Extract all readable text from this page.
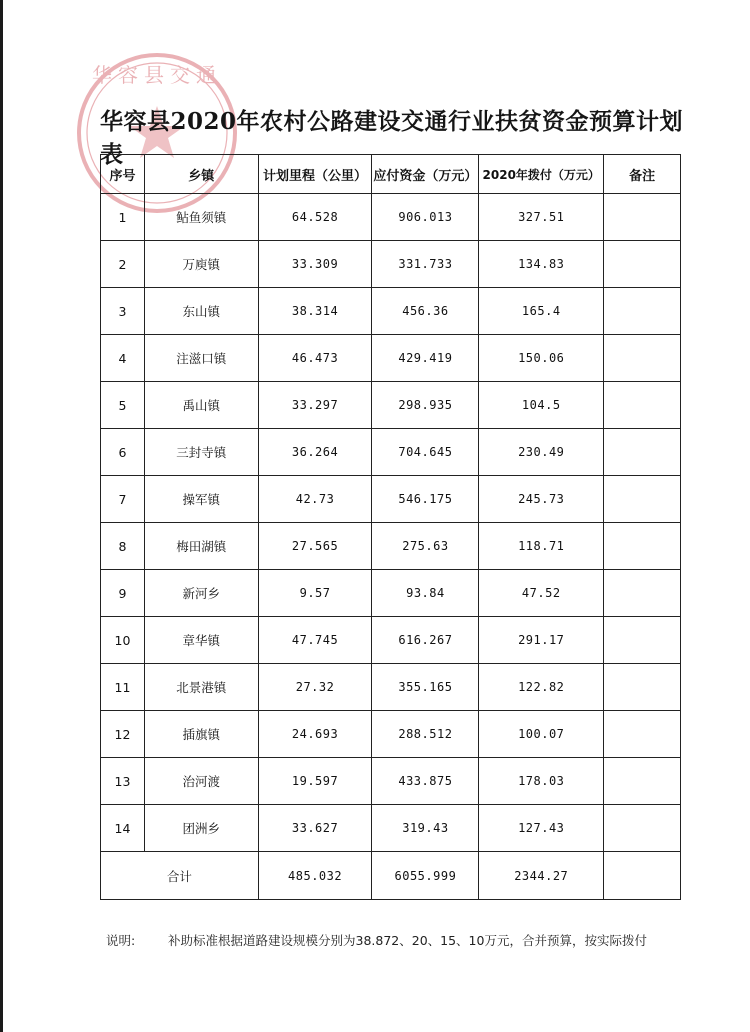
华容县交通
华容县2020年农村公路建设交通行业扶贫资金预算计划表
序号	乡镇	计划里程（公里）	应付资金（万元）	2020年拨付（万元）	备注
1	鲇鱼须镇	64.528	906.013	327.51	
2	万庾镇	33.309	331.733	134.83	
3	东山镇	38.314	456.36	165.4	
4	注滋口镇	46.473	429.419	150.06	
5	禹山镇	33.297	298.935	104.5	
6	三封寺镇	36.264	704.645	230.49	
7	操军镇	42.73	546.175	245.73	
8	梅田湖镇	27.565	275.63	118.71	
9	新河乡	9.57	93.84	47.52	
10	章华镇	47.745	616.267	291.17	
11	北景港镇	27.32	355.165	122.82	
12	插旗镇	24.693	288.512	100.07	
13	治河渡	19.597	433.875	178.03	
14	团洲乡	33.627	319.43	127.43	
合计		485.032	6055.999	2344.27	
说明:	补助标准根据道路建设规模分别为38.872、20、15、10万元，合并预算，按实际拨付
